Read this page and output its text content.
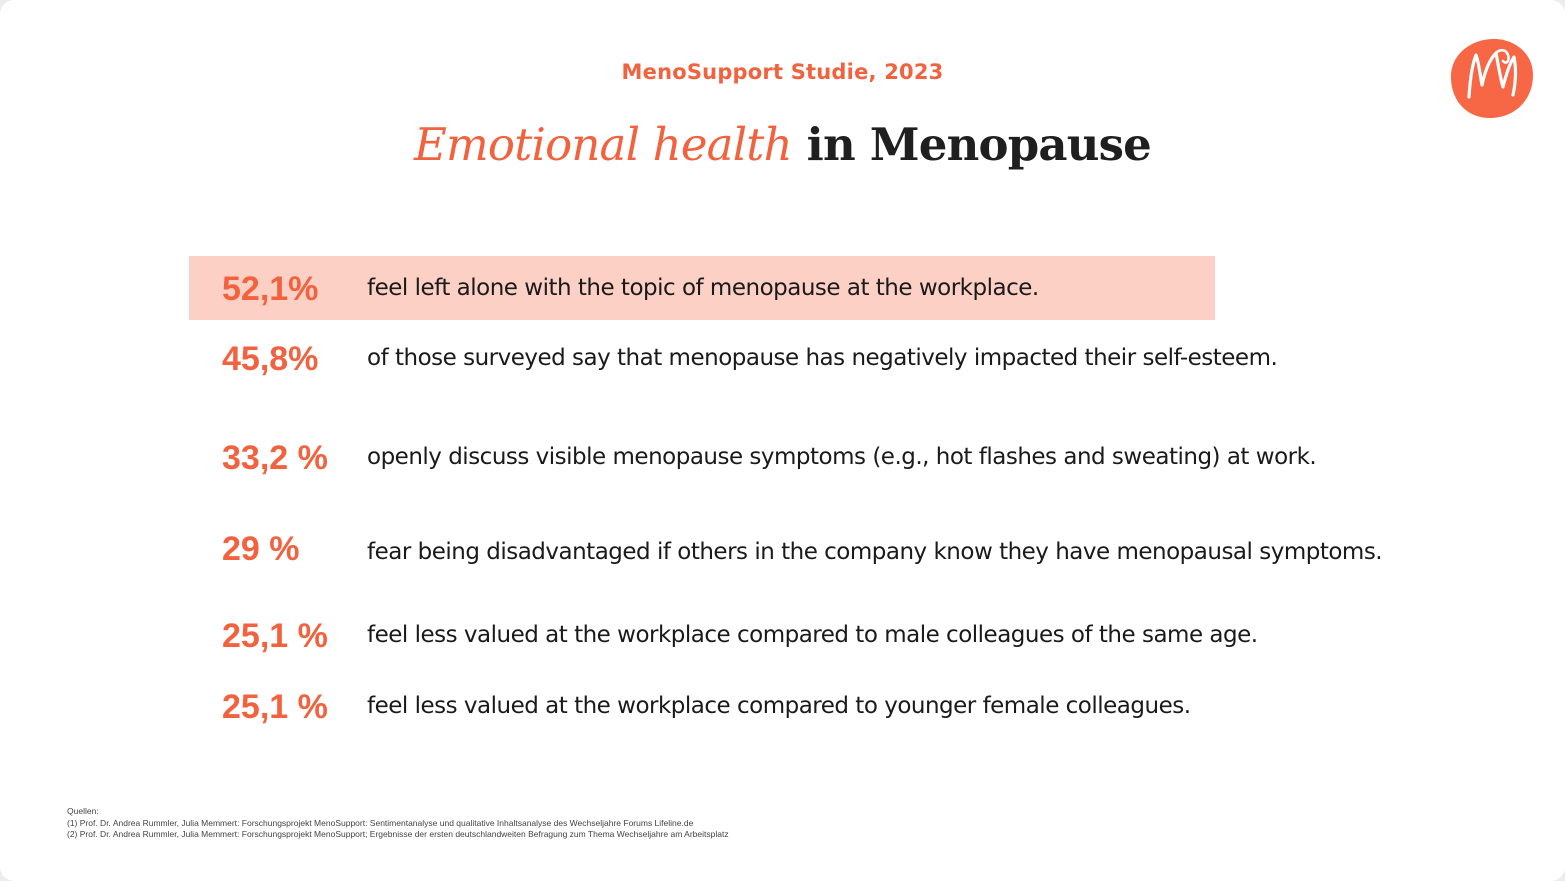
MenoSupport Studie, 2023
Emotional health in Menopause
52,1% feel left alone with the topic of menopause at the workplace.
45,8% of those surveyed say that menopause has negatively impacted their self-esteem.
33,2 % openly discuss visible menopause symptoms (e.g., hot flashes and sweating) at work.
29 %	fear being disadvantaged if others in the company know they have menopausal symptoms.
25,1 % feel less valued at the workplace compared to male colleagues of the same age.
25,1 % feel less valued at the workplace compared to younger female colleagues.
Quellen:
(1) Prof. Dr. Andrea Rummler, Julia Memmert: Forschungsprojekt MenoSupport: Sentimentanalyse und qualitative Inhaltsanalyse des Wechseljahre Forums Lifeline.de
(2) Prof. Dr. Andrea Rummler, Julia Memmert: Forschungsprojekt MenoSupport; Ergebnisse der ersten deutschlandweiten Befragung zum Thema Wechseljahre am Arbeitsplatz
